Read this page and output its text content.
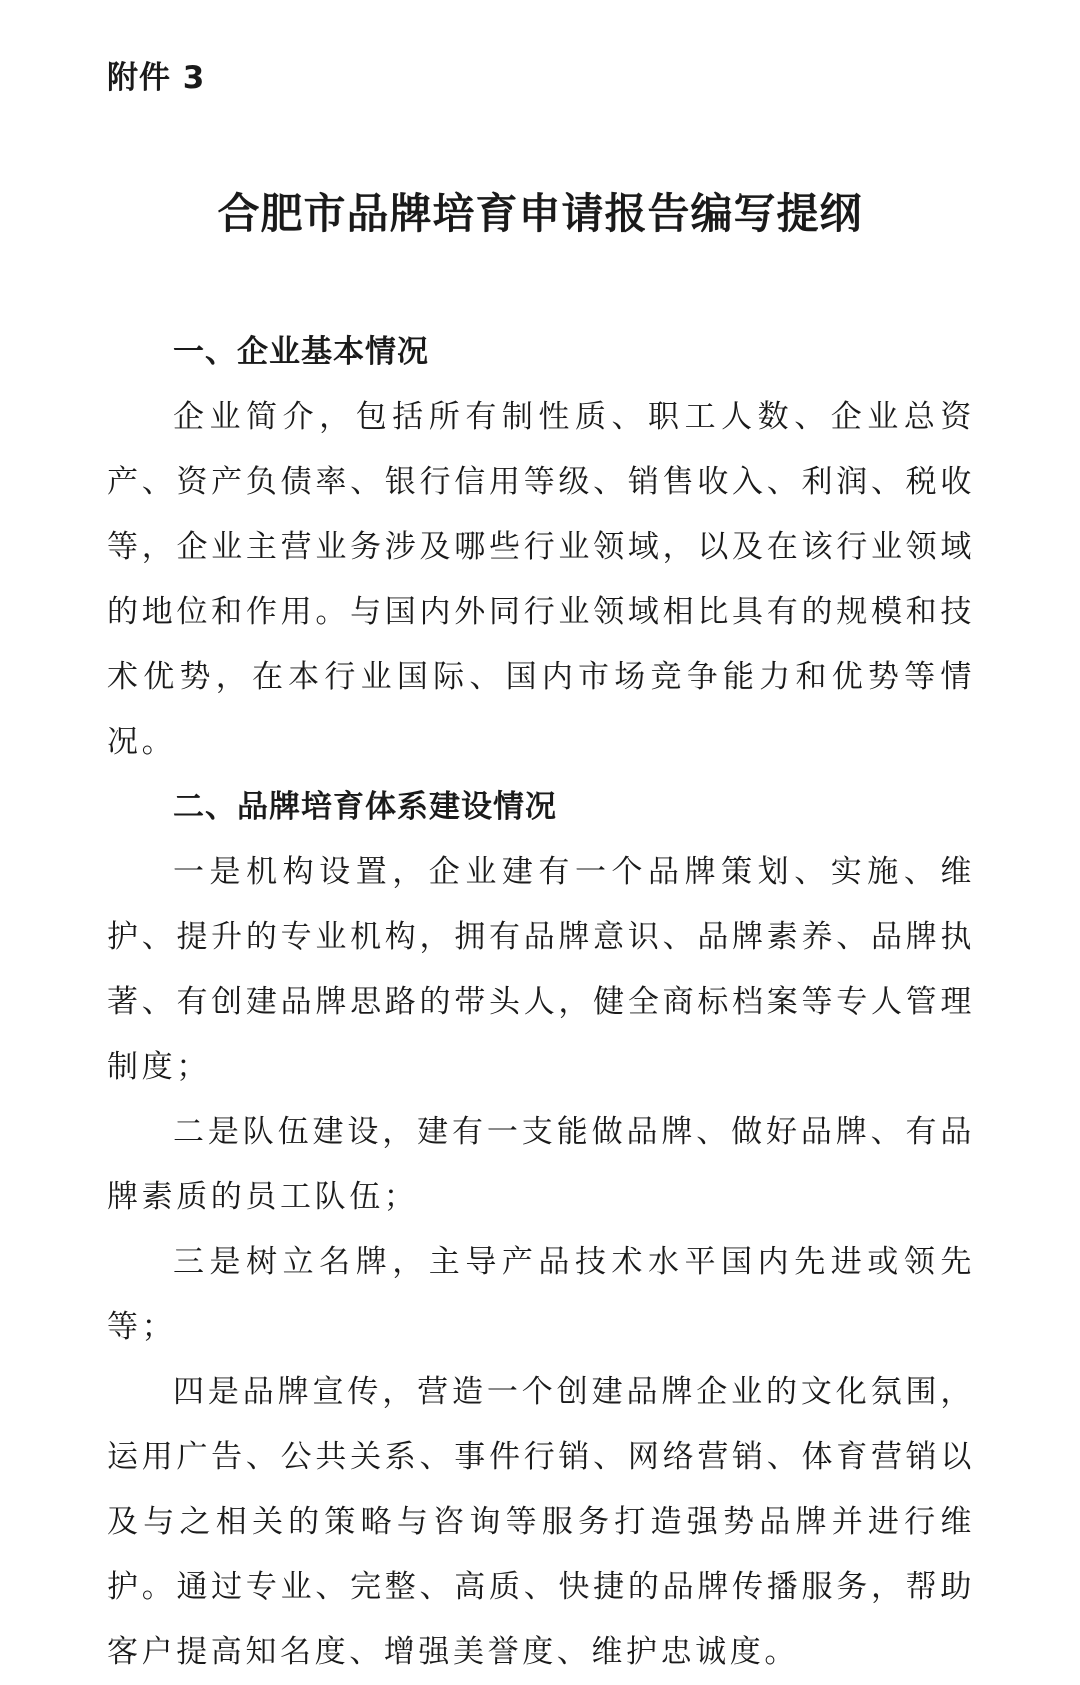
附件 3
合肥市品牌培育申请报告编写提纲
一、企业基本情况

企业简介，包括所有制性质、职工人数、企业总资产、资产负债率、银行信用等级、销售收入、利润、税收等，企业主营业务涉及哪些行业领域，以及在该行业领域的地位和作用。与国内外同行业领域相比具有的规模和技术优势，在本行业国际、国内市场竞争能力和优势等情况。

二、品牌培育体系建设情况

一是机构设置，企业建有一个品牌策划、实施、维护、提升的专业机构，拥有品牌意识、品牌素养、品牌执著、有创建品牌思路的带头人，健全商标档案等专人管理制度；

二是队伍建设，建有一支能做品牌、做好品牌、有品牌素质的员工队伍；

三是树立名牌，主导产品技术水平国内先进或领先等；

四是品牌宣传，营造一个创建品牌企业的文化氛围，运用广告、公共关系、事件行销、网络营销、体育营销以及与之相关的策略与咨询等服务打造强势品牌并进行维护。通过专业、完整、高质、快捷的品牌传播服务，帮助客户提高知名度、增强美誉度、维护忠诚度。
